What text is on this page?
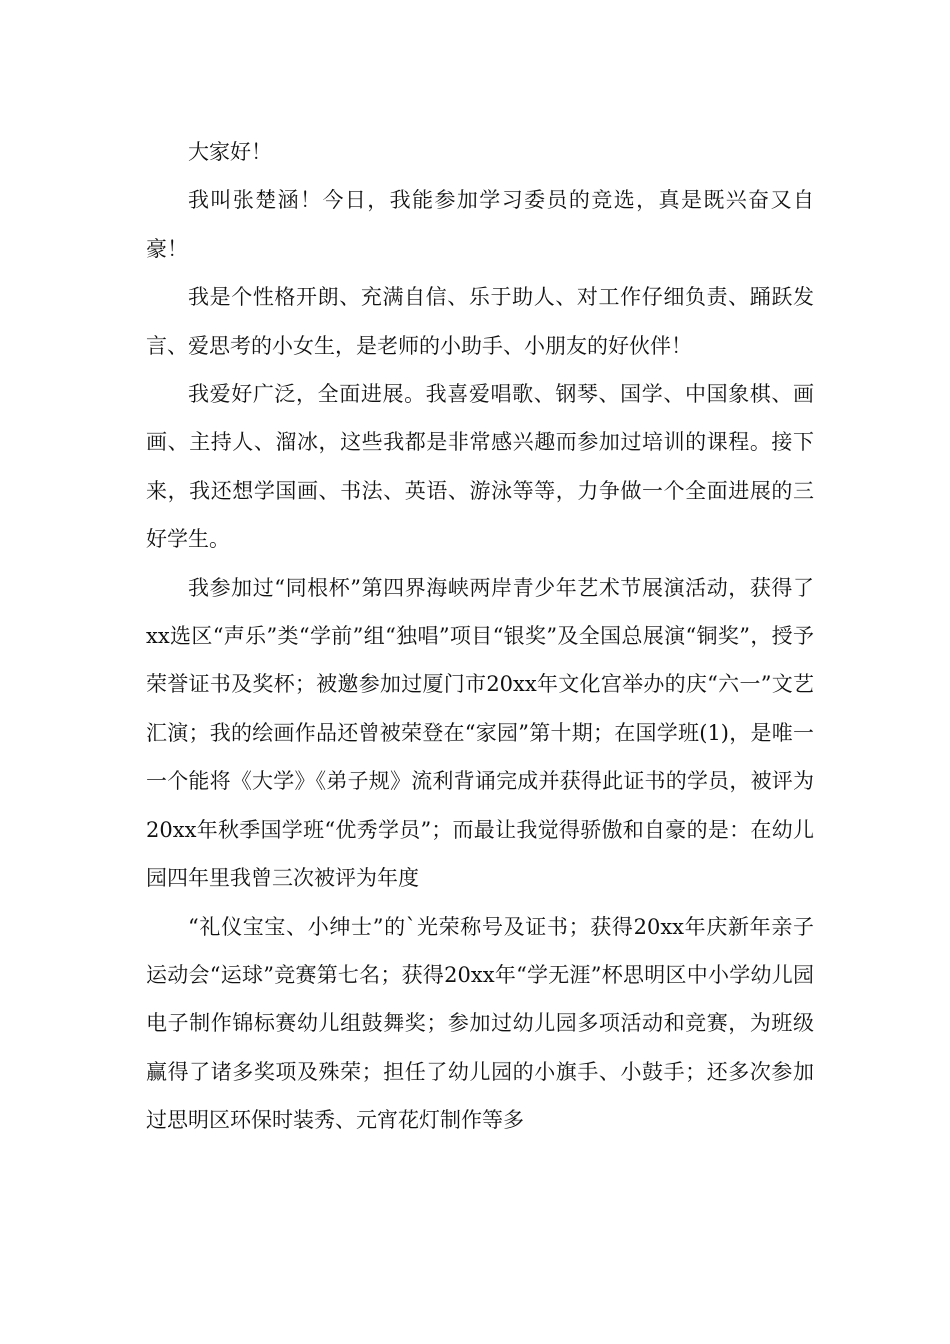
大家好！

我叫张楚涵！今日，我能参加学习委员的竞选，真是既兴奋又自豪！

我是个性格开朗、充满自信、乐于助人、对工作仔细负责、踊跃发言、爱思考的小女生，是老师的小助手、小朋友的好伙伴！

我爱好广泛，全面进展。我喜爱唱歌、钢琴、国学、中国象棋、画画、主持人、溜冰，这些我都是非常感兴趣而参加过培训的课程。接下来，我还想学国画、书法、英语、游泳等等，力争做一个全面进展的三好学生。

我参加过“同根杯”第四界海峡两岸青少年艺术节展演活动，获得了xx选区“声乐”类“学前”组“独唱”项目“银奖”及全国总展演“铜奖”，授予荣誉证书及奖杯；被邀参加过厦门市20xx年文化宫举办的庆“六一”文艺汇演；我的绘画作品还曾被荣登在“家园”第十期；在国学班(1)，是唯一一个能将《大学》《弟子规》流利背诵完成并获得此证书的学员，被评为20xx年秋季国学班“优秀学员”；而最让我觉得骄傲和自豪的是：在幼儿园四年里我曾三次被评为年度

“礼仪宝宝、小绅士”的`光荣称号及证书；获得20xx年庆新年亲子运动会“运球”竞赛第七名；获得20xx年“学无涯”杯思明区中小学幼儿园电子制作锦标赛幼儿组鼓舞奖；参加过幼儿园多项活动和竞赛，为班级赢得了诸多奖项及殊荣；担任了幼儿园的小旗手、小鼓手；还多次参加过思明区环保时装秀、元宵花灯制作等多
